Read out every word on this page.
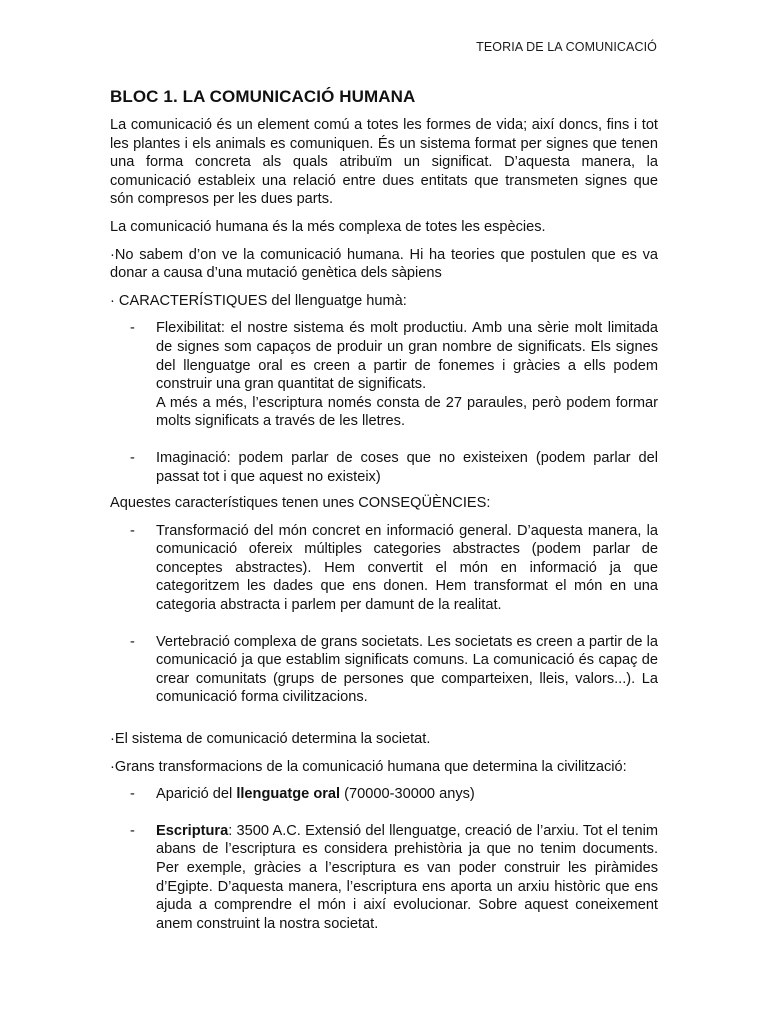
TEORIA DE LA COMUNICACIÓ
BLOC 1. LA COMUNICACIÓ HUMANA

La comunicació és un element comú a totes les formes de vida; així doncs, fins i tot les plantes i els animals es comuniquen. És un sistema format per signes que tenen una forma concreta als quals atribuïm un significat. D’aquesta manera, la comunicació estableix una relació entre dues entitats que transmeten signes que són compresos per les dues parts.

La comunicació humana és la més complexa de totes les espècies.

·No sabem d’on ve la comunicació humana. Hi ha teories que postulen que es va donar a causa d’una mutació genètica dels sàpiens

· CARACTERÍSTIQUES del llenguatge humà:

- Flexibilitat: el nostre sistema és molt productiu. Amb una sèrie molt limitada de signes som capaços de produir un gran nombre de significats. Els signes del llenguatge oral es creen a partir de fonemes i gràcies a ells podem construir una gran quantitat de significats.
A més a més, l’escriptura només consta de 27 paraules, però podem formar molts significats a través de les lletres.
- Imaginació: podem parlar de coses que no existeixen (podem parlar del passat tot i que aquest no existeix)

Aquestes característiques tenen unes CONSEQÜÈNCIES:

- Transformació del món concret en informació general. D’aquesta manera, la comunicació ofereix múltiples categories abstractes (podem parlar de conceptes abstractes). Hem convertit el món en informació ja que categoritzem les dades que ens donen. Hem transformat el món en una categoria abstracta i parlem per damunt de la realitat.
- Vertebració complexa de grans societats. Les societats es creen a partir de la comunicació ja que establim significats comuns. La comunicació és capaç de crear comunitats (grups de persones que comparteixen, lleis, valors...). La comunicació forma civilitzacions.

·El sistema de comunicació determina la societat.

·Grans transformacions de la comunicació humana que determina la civilització:

- Aparició del llenguatge oral (70000-30000 anys)
- Escriptura: 3500 A.C. Extensió del llenguatge, creació de l’arxiu. Tot el tenim abans de l’escriptura es considera prehistòria ja que no tenim documents. Per exemple, gràcies a l’escriptura es van poder construir les piràmides d’Egipte. D’aquesta manera, l’escriptura ens aporta un arxiu històric que ens ajuda a comprendre el món i així evolucionar. Sobre aquest coneixement anem construint la nostra societat.
